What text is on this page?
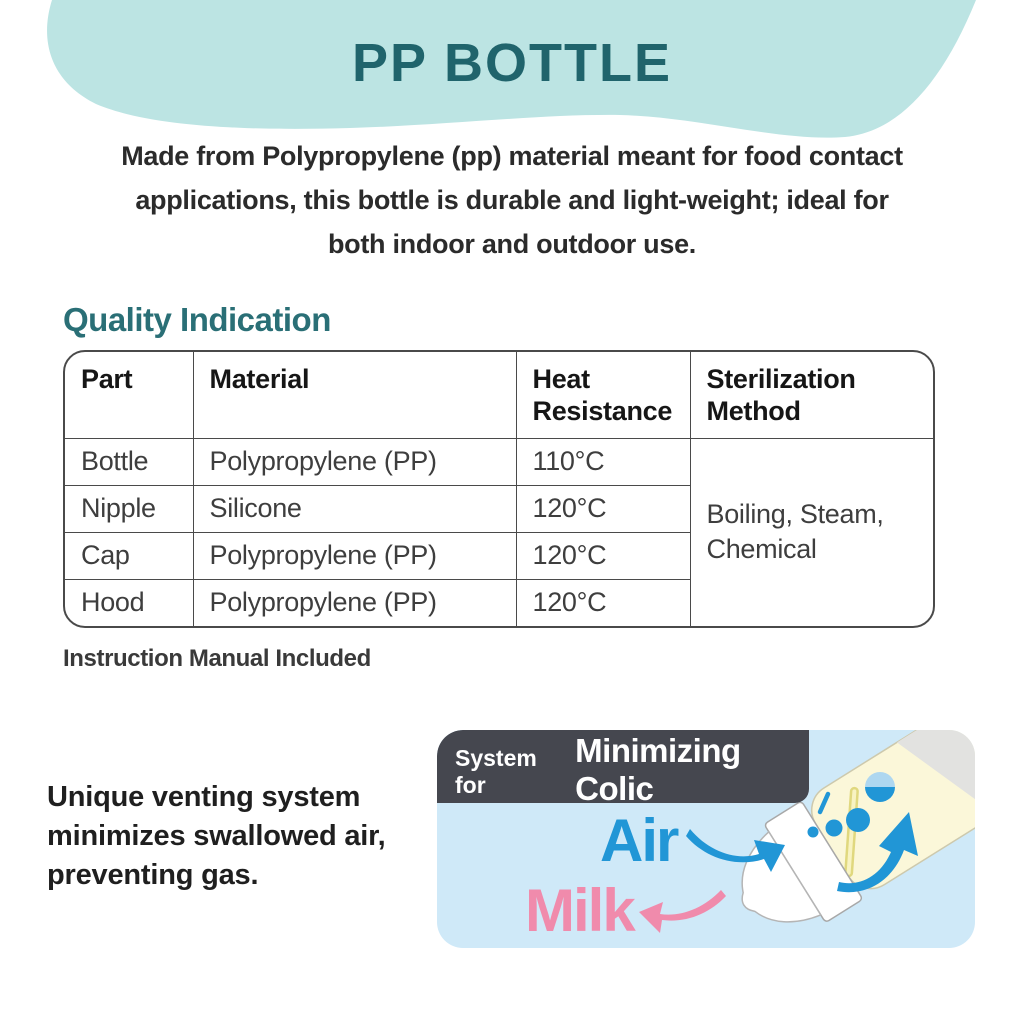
PP BOTTLE
Made from Polypropylene (pp) material meant for food contact
applications, this bottle is durable and light-weight; ideal for
both indoor and outdoor use.
Quality Indication
Part	Material	Heat Resistance	Sterilization Method
Bottle	Polypropylene (PP)	110°C	Boiling, Steam, Chemical
Nipple	Silicone	120°C	
Cap	Polypropylene (PP)	120°C	
Hood	Polypropylene (PP)	120°C	
Instruction Manual Included
Unique venting system
minimizes swallowed air,
preventing gas.
System for
Minimizing Colic
Air
Milk
